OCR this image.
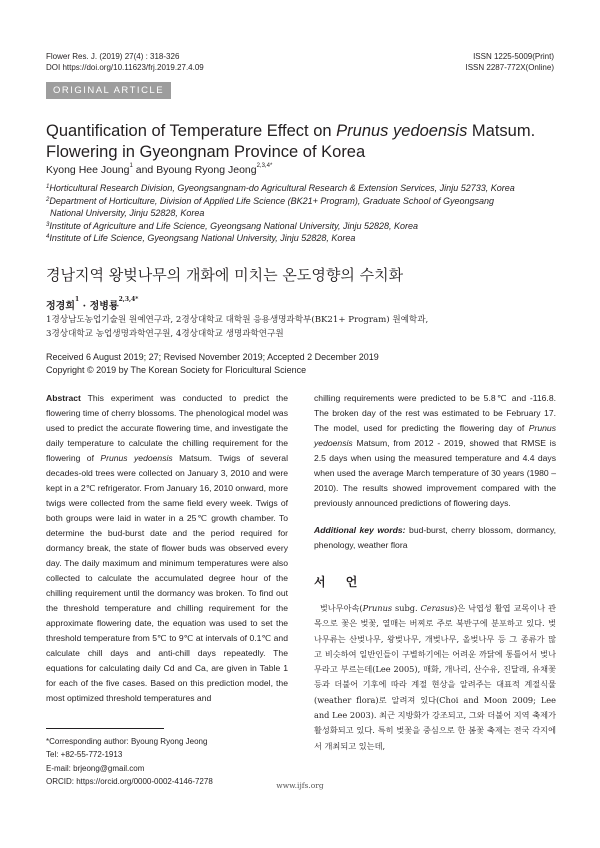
Flower Res. J. (2019) 27(4) : 318-326
DOI https://doi.org/10.11623/frj.2019.27.4.09
ISSN 1225-5009(Print)
ISSN 2287-772X(Online)
ORIGINAL ARTICLE
Quantification of Temperature Effect on Prunus yedoensis Matsum.
Flowering in Gyeongnam Province of Korea
Kyong Hee Joung$^1$ and Byoung Ryong Jeong$^{2,3,4*}$
$^1$Horticultural Research Division, Gyeongsangnam-do Agricultural Research & Extension Services, Jinju 52733, Korea
$^2$Department of Horticulture, Division of Applied Life Science (BK21+ Program), Graduate School of Gyeongsang
National University, Jinju 52828, Korea
$^3$Institute of Agriculture and Life Science, Gyeongsang National University, Jinju 52828, Korea
$^4$Institute of Life Science, Gyeongsang National University, Jinju 52828, Korea
경남지역 왕벚나무의 개화에 미치는 온도영향의 수치화
정경희$^1$ · 정병룡$^{2,3,4*}$
1경상남도농업기술원 원예연구과, 2경상대학교 대학원 응용생명과학부(BK21+ Program) 원예학과,
3경상대학교 농업생명과학연구원, 4경상대학교 생명과학연구원
Received 6 August 2019; 27; Revised November 2019; Accepted 2 December 2019
Copyright © 2019 by The Korean Society for Floricultural Science

Abstract This experiment was conducted to predict the flowering time of cherry blossoms. The phenological model was used to predict the accurate flowering time, and investigate the daily temperature to calculate the chilling requirement for the flowering of Prunus yedoensis Matsum. Twigs of several decades-old trees were collected on January 3, 2010 and were kept in a 2℃ refrigerator. From January 16, 2010 onward, more twigs were collected from the same field every week. Twigs of both groups were laid in water in a 25℃ growth chamber. To determine the bud-burst date and the period required for dormancy break, the state of flower buds was observed every day. The daily maximum and minimum temperatures were also collected to calculate the accumulated degree hour of the chilling requirement until the dormancy was broken. To find out the threshold temperature and chilling requirement for the approximate flowering date, the equation was used to set the threshold temperature from 5℃ to 9℃ at intervals of 0.1℃ and calculate chill days and anti-chill days repeatedly. The equations for calculating daily Cd and Ca, are given in Table 1 for each of the five cases. Based on this prediction model, the most optimized threshold temperatures and

chilling requirements were predicted to be 5.8℃ and -116.8. The broken day of the rest was estimated to be February 17. The model, used for predicting the flowering day of Prunus yedoensis Matsum, from 2012 - 2019, showed that RMSE is 2.5 days when using the measured temperature and 4.4 days when used the average March temperature of 30 years (1980 – 2010). The results showed improvement compared with the previously announced predictions of flowering days.

Additional key words: bud-burst, cherry blossom, dormancy, phenology, weather flora

서 언
벚나무아속(Prunus subg. Cerasus)은 낙엽성 활엽 교목이나 관목으로 꽃은 벚꽃, 열매는 버찌로 주로 북반구에 분포하고 있다. 벚나무류는 산벚나무, 왕벚나무, 개벚나무, 올벚나무 등 그 종류가 많고 비슷하여 일반인들이 구별하기에는 어려운 까닭에 통틀어서 벚나무라고 부르는데(Lee 2005), 매화, 개나리, 산수유, 진달래, 유채꽃 등과 더불어 기후에 따라 계절 현상을 알려주는 대표적 계절식물(weather flora)로 알려져 있다(Choi and Moon 2009; Lee and Lee 2003). 최근 지방화가 강조되고, 그와 더불어 지역 축제가 활성화되고 있다. 특히 벚꽃을 중심으로 한 봄꽃 축제는 전국 각지에서 개최되고 있는데,
*Corresponding author: Byoung Ryong Jeong
Tel: +82-55-772-1913
E-mail: brjeong@gmail.com
ORCID: https://orcid.org/0000-0002-4146-7278	www.ijfs.org
